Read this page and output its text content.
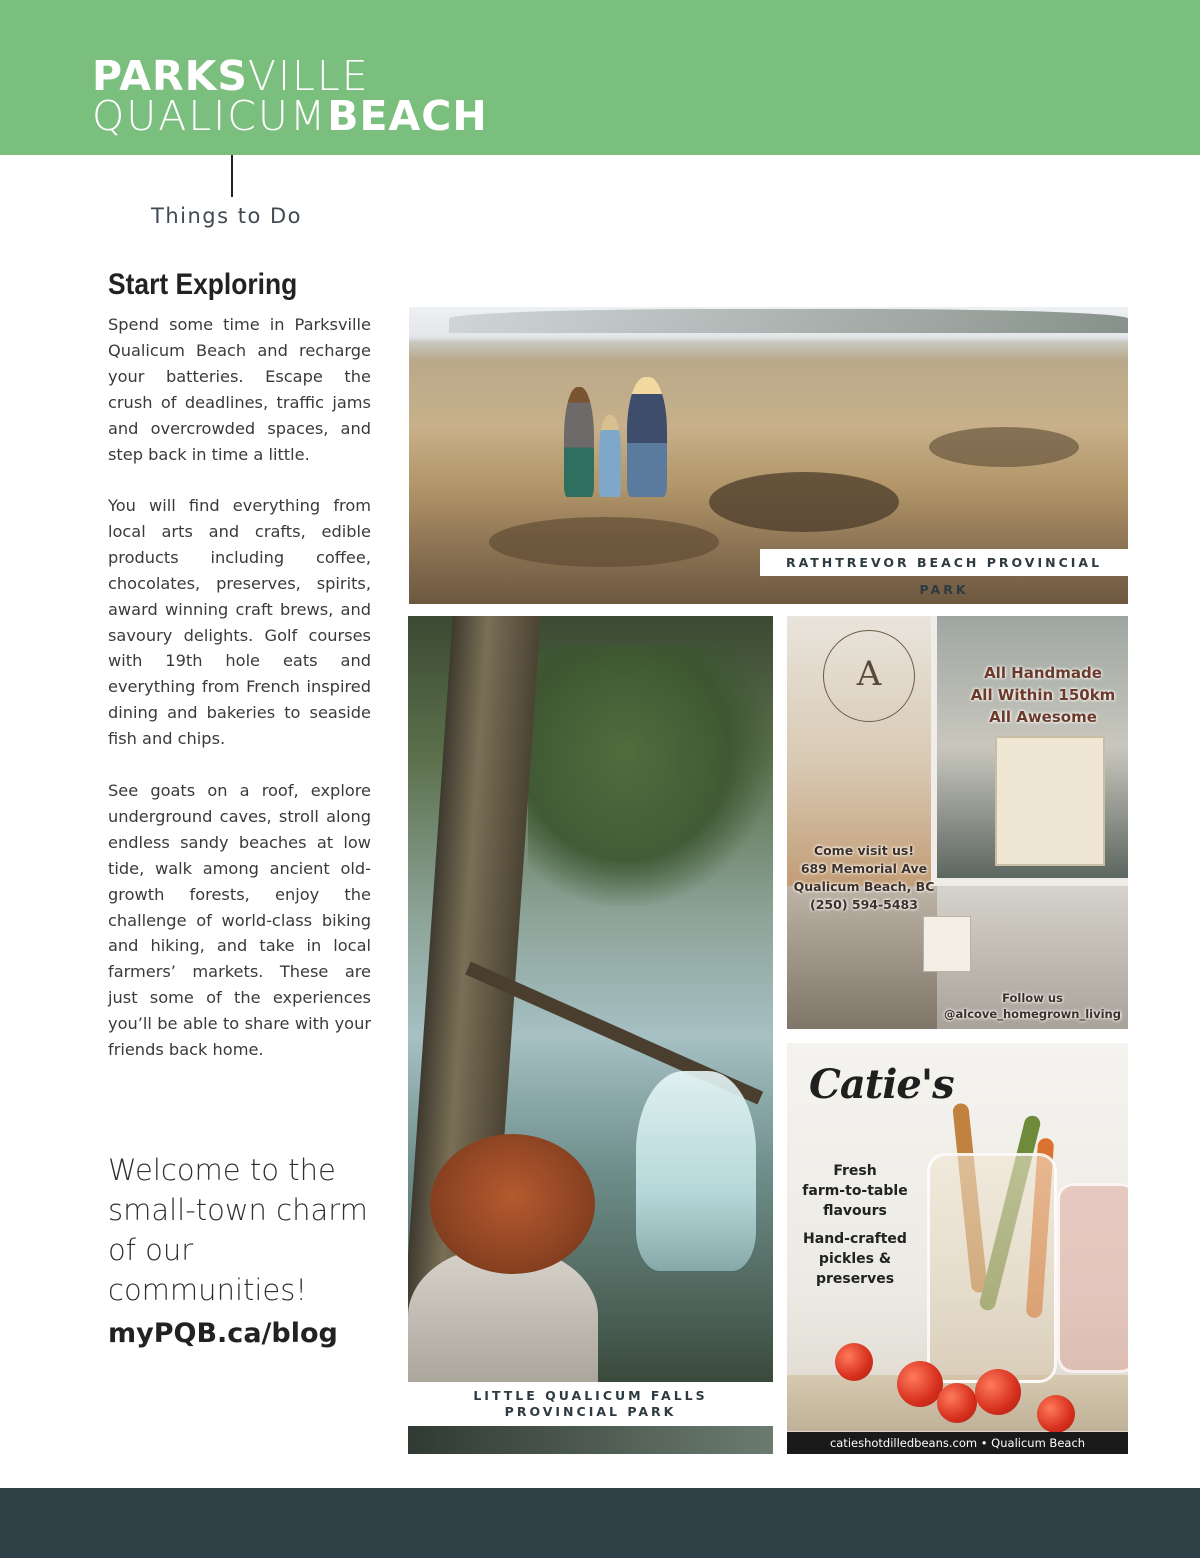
PARKSVILLE
QUALICUMBEACH
Things to Do
Start Exploring

Spend some time in Parksville Qualicum Beach and recharge your batteries. Escape the crush of deadlines, traffic jams and overcrowded spaces, and step back in time a little.

You will find everything from local arts and crafts, edible products including coffee, chocolates, preserves, spirits, award winning craft brews, and savoury delights. Golf courses with 19th hole eats and everything from French inspired dining and bakeries to seaside fish and chips.

See goats on a roof, explore underground caves, stroll along endless sandy beaches at low tide, walk among ancient old-growth forests, enjoy the challenge of world-class biking and hiking, and take in local farmers’ markets. These are just some of the experiences you’ll be able to share with your friends back home.

Welcome to the small-town charm of our communities!
myPQB.ca/blog
RATHTREVOR BEACH PROVINCIAL PARK
LITTLE QUALICUM FALLS
PROVINCIAL PARK
A	All Handmade
All Within 150km
All Awesome
Come visit us!
689 Memorial Ave
Qualicum Beach, BC
(250) 594-5483
Follow us
@alcove_homegrown_living
Catie's
Fresh
farm-to-table
flavours
Hand-crafted
pickles &
preserves
catieshotdilledbeans.com • Qualicum Beach
